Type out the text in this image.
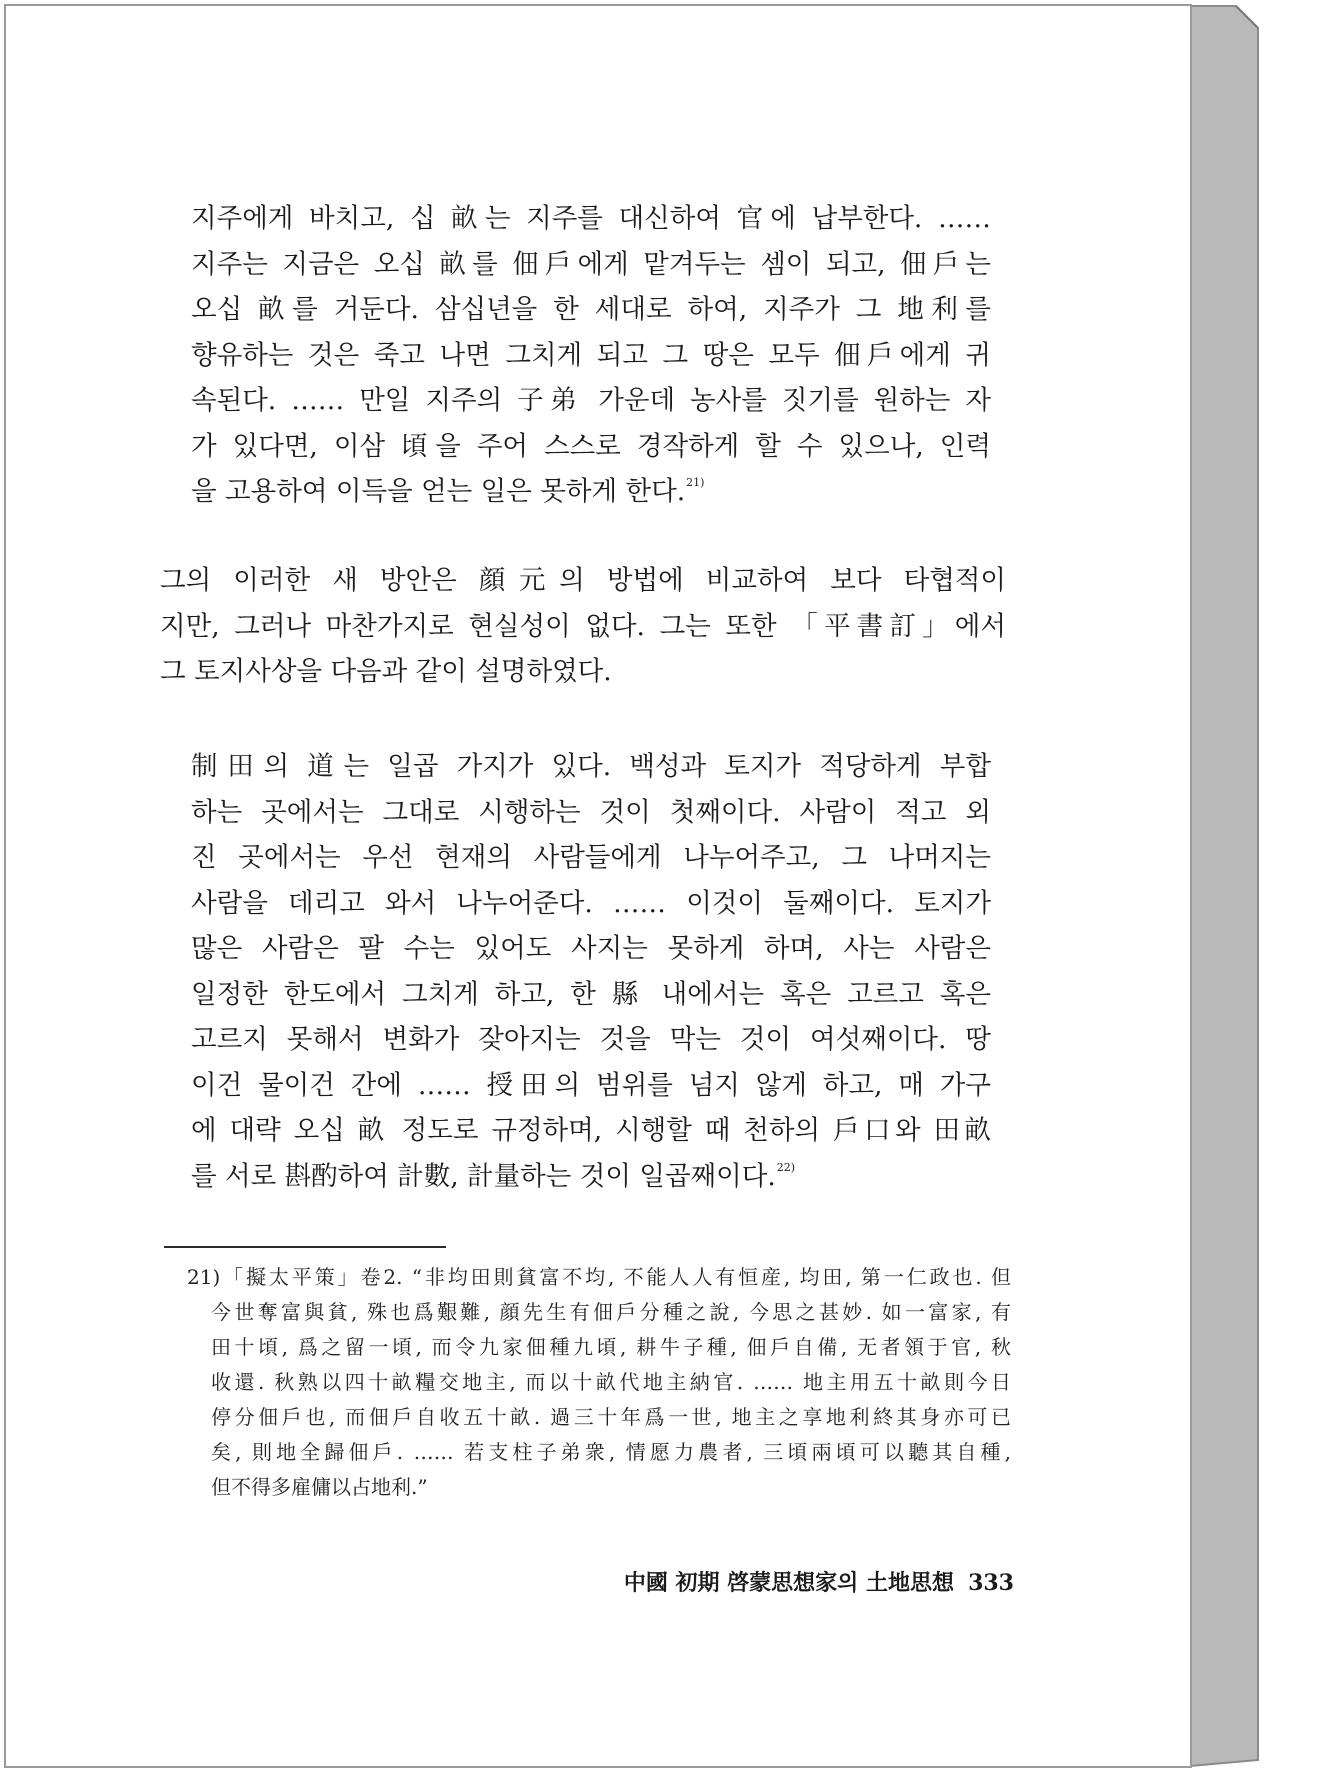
지주에게 바치고, 십 畝는 지주를 대신하여 官에 납부한다. ……
지주는 지금은 오십 畝를 佃戶에게 맡겨두는 셈이 되고, 佃戶는
오십 畝를 거둔다. 삼십년을 한 세대로 하여, 지주가 그 地利를
향유하는 것은 죽고 나면 그치게 되고 그 땅은 모두 佃戶에게 귀
속된다. …… 만일 지주의 子弟 가운데 농사를 짓기를 원하는 자
가 있다면, 이삼 頃을 주어 스스로 경작하게 할 수 있으나, 인력
을 고용하여 이득을 얻는 일은 못하게 한다.$^{21)}$
그의 이러한 새 방안은 顔元의 방법에 비교하여 보다 타협적이
지만, 그러나 마찬가지로 현실성이 없다. 그는 또한 「平書訂」에서
그 토지사상을 다음과 같이 설명하였다.
制田의 道는 일곱 가지가 있다. 백성과 토지가 적당하게 부합
하는 곳에서는 그대로 시행하는 것이 첫째이다. 사람이 적고 외
진 곳에서는 우선 현재의 사람들에게 나누어주고, 그 나머지는
사람을 데리고 와서 나누어준다. …… 이것이 둘째이다. 토지가
많은 사람은 팔 수는 있어도 사지는 못하게 하며, 사는 사람은
일정한 한도에서 그치게 하고, 한 縣 내에서는 혹은 고르고 혹은
고르지 못해서 변화가 잦아지는 것을 막는 것이 여섯째이다. 땅
이건 물이건 간에 …… 授田의 범위를 넘지 않게 하고, 매 가구
에 대략 오십 畝 정도로 규정하며, 시행할 때 천하의 戶口와 田畝
를 서로 斟酌하여 計數, 計量하는 것이 일곱째이다.$^{22)}$
21)「擬太平策」卷2. “非均田則貧富不均, 不能人人有恒産, 均田, 第一仁政也. 但
今世奪富與貧, 殊也爲艱難, 顔先生有佃戶分種之說, 今思之甚妙. 如一富家, 有
田十頃, 爲之留一頃, 而令九家佃種九頃, 耕牛子種, 佃戶自備, 无者領于官, 秋
收還. 秋熟以四十畝糧交地主, 而以十畝代地主納官. …… 地主用五十畝則今日
停分佃戶也, 而佃戶自收五十畝. 過三十年爲一世, 地主之享地利終其身亦可已
矣, 則地全歸佃戶. …… 若支柱子弟衆, 情愿力農者, 三頃兩頃可以聽其自種,
但不得多雇傭以占地利.”
中國 初期 啓蒙思想家의 土地思想 333
